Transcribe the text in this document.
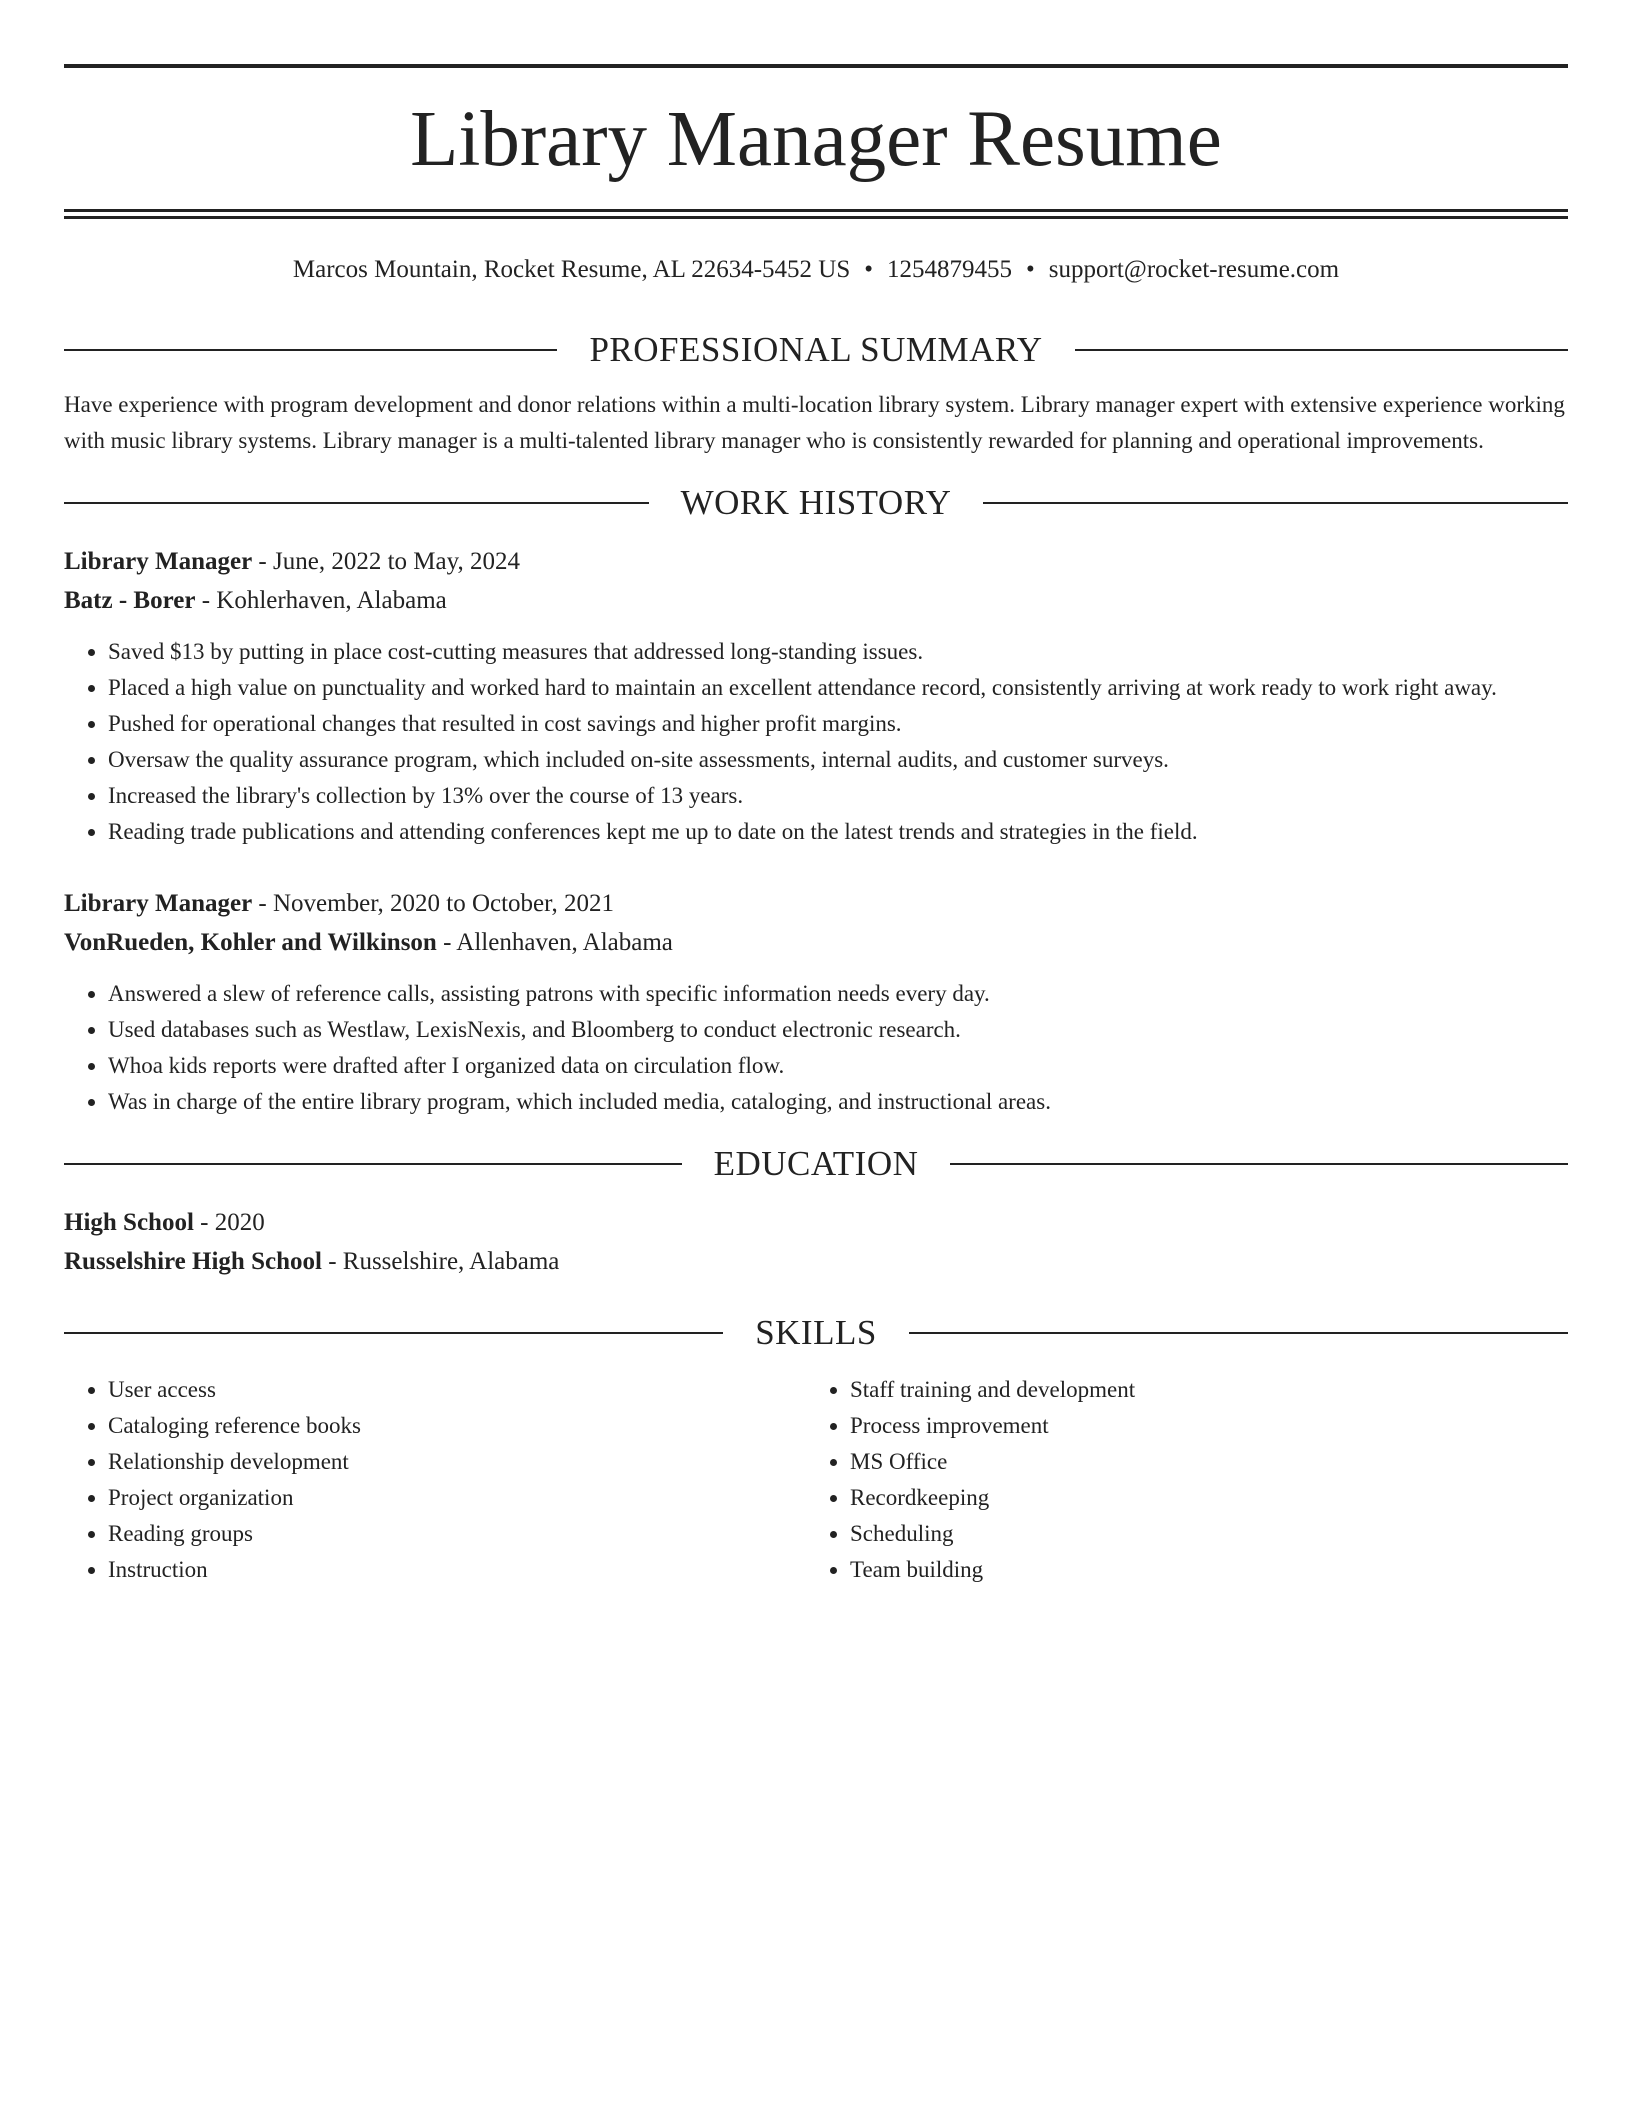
Library Manager Resume
Marcos Mountain, Rocket Resume, AL 22634-5452 US • 1254879455 • support@rocket-resume.com
PROFESSIONAL SUMMARY

Have experience with program development and donor relations within a multi-location library system. Library manager expert with extensive experience working with music library systems. Library manager is a multi-talented library manager who is consistently rewarded for planning and operational improvements.

WORK HISTORY
Library Manager - June, 2022 to May, 2024
Batz - Borer - Kohlerhaven, Alabama
• Saved $13 by putting in place cost-cutting measures that addressed long-standing issues.
• Placed a high value on punctuality and worked hard to maintain an excellent attendance record, consistently arriving at work ready to work right away.
• Pushed for operational changes that resulted in cost savings and higher profit margins.
• Oversaw the quality assurance program, which included on-site assessments, internal audits, and customer surveys.
• Increased the library's collection by 13% over the course of 13 years.
• Reading trade publications and attending conferences kept me up to date on the latest trends and strategies in the field.
Library Manager - November, 2020 to October, 2021
VonRueden, Kohler and Wilkinson - Allenhaven, Alabama
• Answered a slew of reference calls, assisting patrons with specific information needs every day.
• Used databases such as Westlaw, LexisNexis, and Bloomberg to conduct electronic research.
• Whoa kids reports were drafted after I organized data on circulation flow.
• Was in charge of the entire library program, which included media, cataloging, and instructional areas.
EDUCATION
High School - 2020
Russelshire High School - Russelshire, Alabama
SKILLS
• User access
• Cataloging reference books
• Relationship development
• Project organization
• Reading groups
• Instruction
• Staff training and development
• Process improvement
• MS Office
• Recordkeeping
• Scheduling
• Team building
